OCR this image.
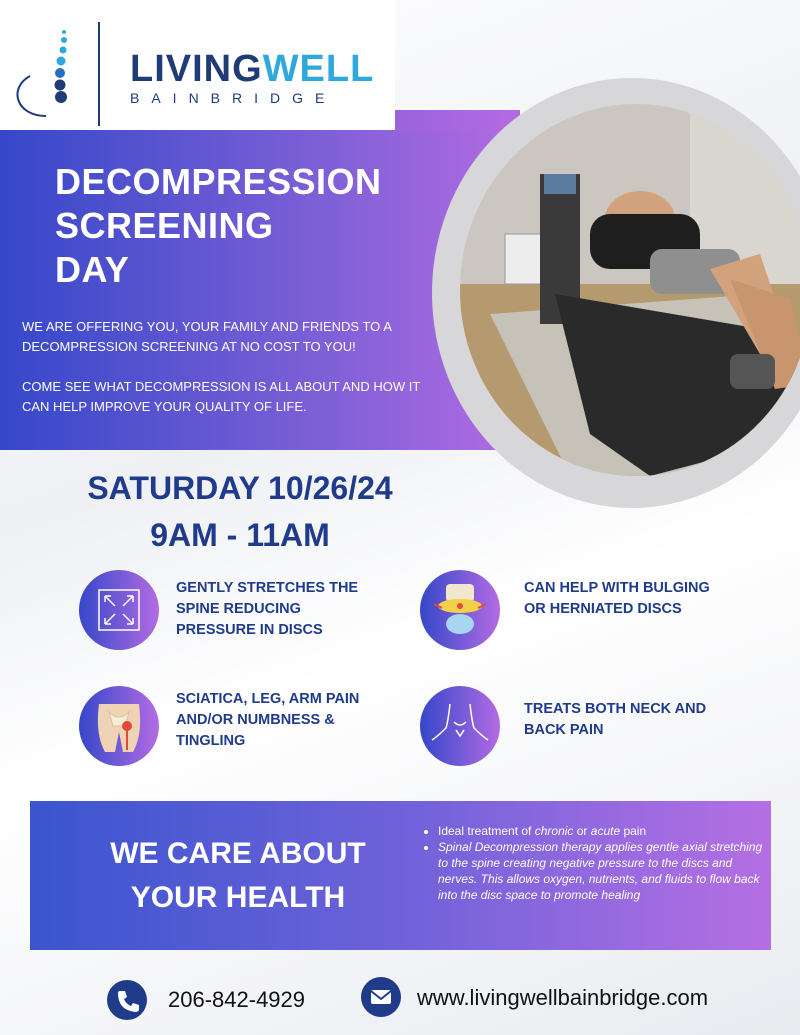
LIVINGWELL
BAINBRIDGE
DECOMPRESSION
SCREENING
DAY

WE ARE OFFERING YOU, YOUR FAMILY AND FRIENDS TO A DECOMPRESSION SCREENING AT NO COST TO YOU!

COME SEE WHAT DECOMPRESSION IS ALL ABOUT AND HOW IT CAN HELP IMPROVE YOUR QUALITY OF LIFE.

SATURDAY 10/26/24
9AM - 11AM
GENTLY STRETCHES THE SPINE REDUCING PRESSURE IN DISCS
CAN HELP WITH BULGING OR HERNIATED DISCS
SCIATICA, LEG, ARM PAIN AND/OR NUMBNESS & TINGLING
TREATS BOTH NECK AND BACK PAIN
WE CARE ABOUT
YOUR HEALTH
• Ideal treatment of chronic or acute pain
• Spinal Decompression therapy applies gentle axial stretching to the spine creating negative pressure to the discs and nerves. This allows oxygen, nutrients, and fluids to flow back into the disc space to promote healing
206-842-4929	www.livingwellbainbridge.com
